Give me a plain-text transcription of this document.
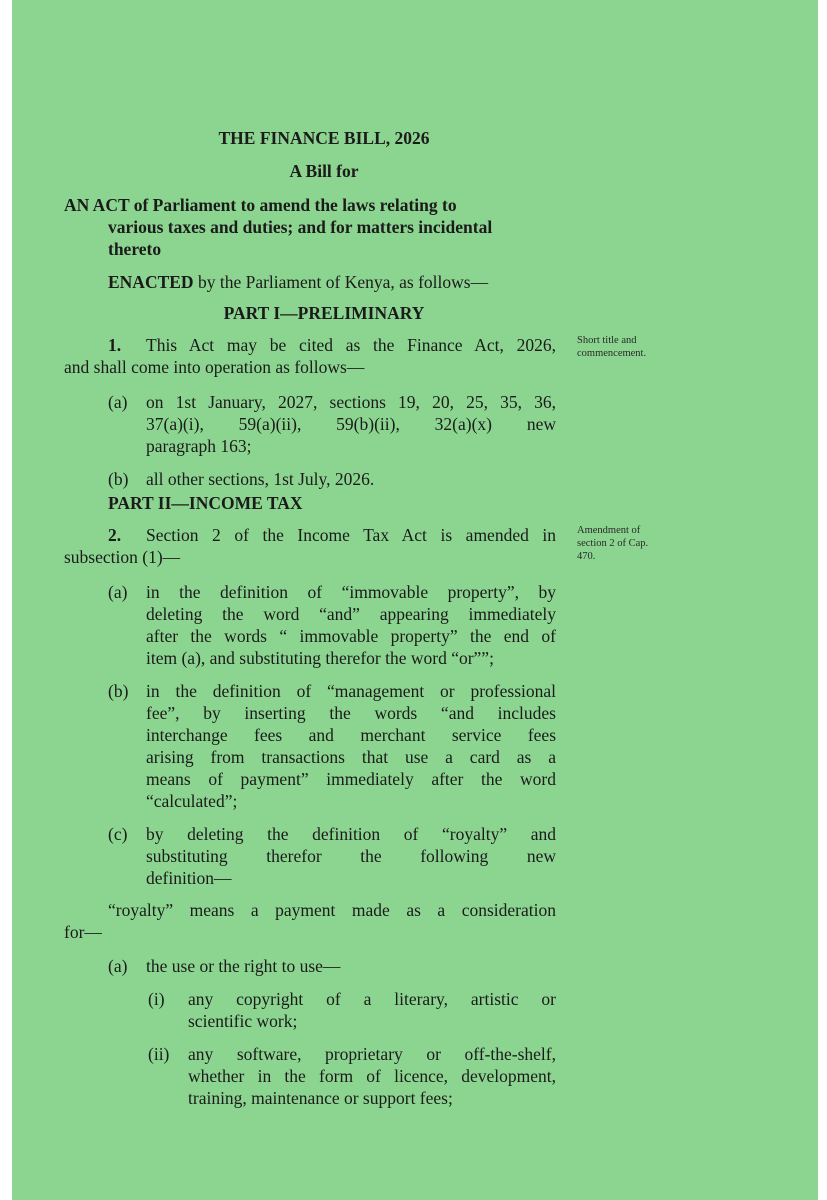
THE FINANCE BILL, 2026
A Bill for
AN ACT of Parliament to amend the laws relating to
various taxes and duties; and for matters incidental
thereto
ENACTED by the Parliament of Kenya, as follows—
PART I—PRELIMINARY
1. This Act may be cited as the Finance Act, 2026,
and shall come into operation as follows—
(a) on 1st January, 2027, sections 19, 20, 25, 35, 36,
37(a)(i), 59(a)(ii), 59(b)(ii), 32(a)(x) new
paragraph 163;
(b) all other sections, 1st July, 2026.
PART II—INCOME TAX
2. Section 2 of the Income Tax Act is amended in
subsection (1)—
(a) in the definition of “immovable property”, by
deleting the word “and” appearing immediately
after the words “ immovable property” the end of
item (a), and substituting therefor the word “or””;
(b) in the definition of “management or professional
fee”, by inserting the words “and includes
interchange fees and merchant service fees
arising from transactions that use a card as a
means of payment” immediately after the word
“calculated”;
(c) by deleting the definition of “royalty” and
substituting therefor the following new
definition—
“royalty” means a payment made as a consideration
for—
(a) the use or the right to use—
(i) any copyright of a literary, artistic or
scientific work;
(ii) any software, proprietary or off-the-shelf,
whether in the form of licence, development,
training, maintenance or support fees;
Short title and
commencement.
Amendment of
section 2 of Cap.
470.
